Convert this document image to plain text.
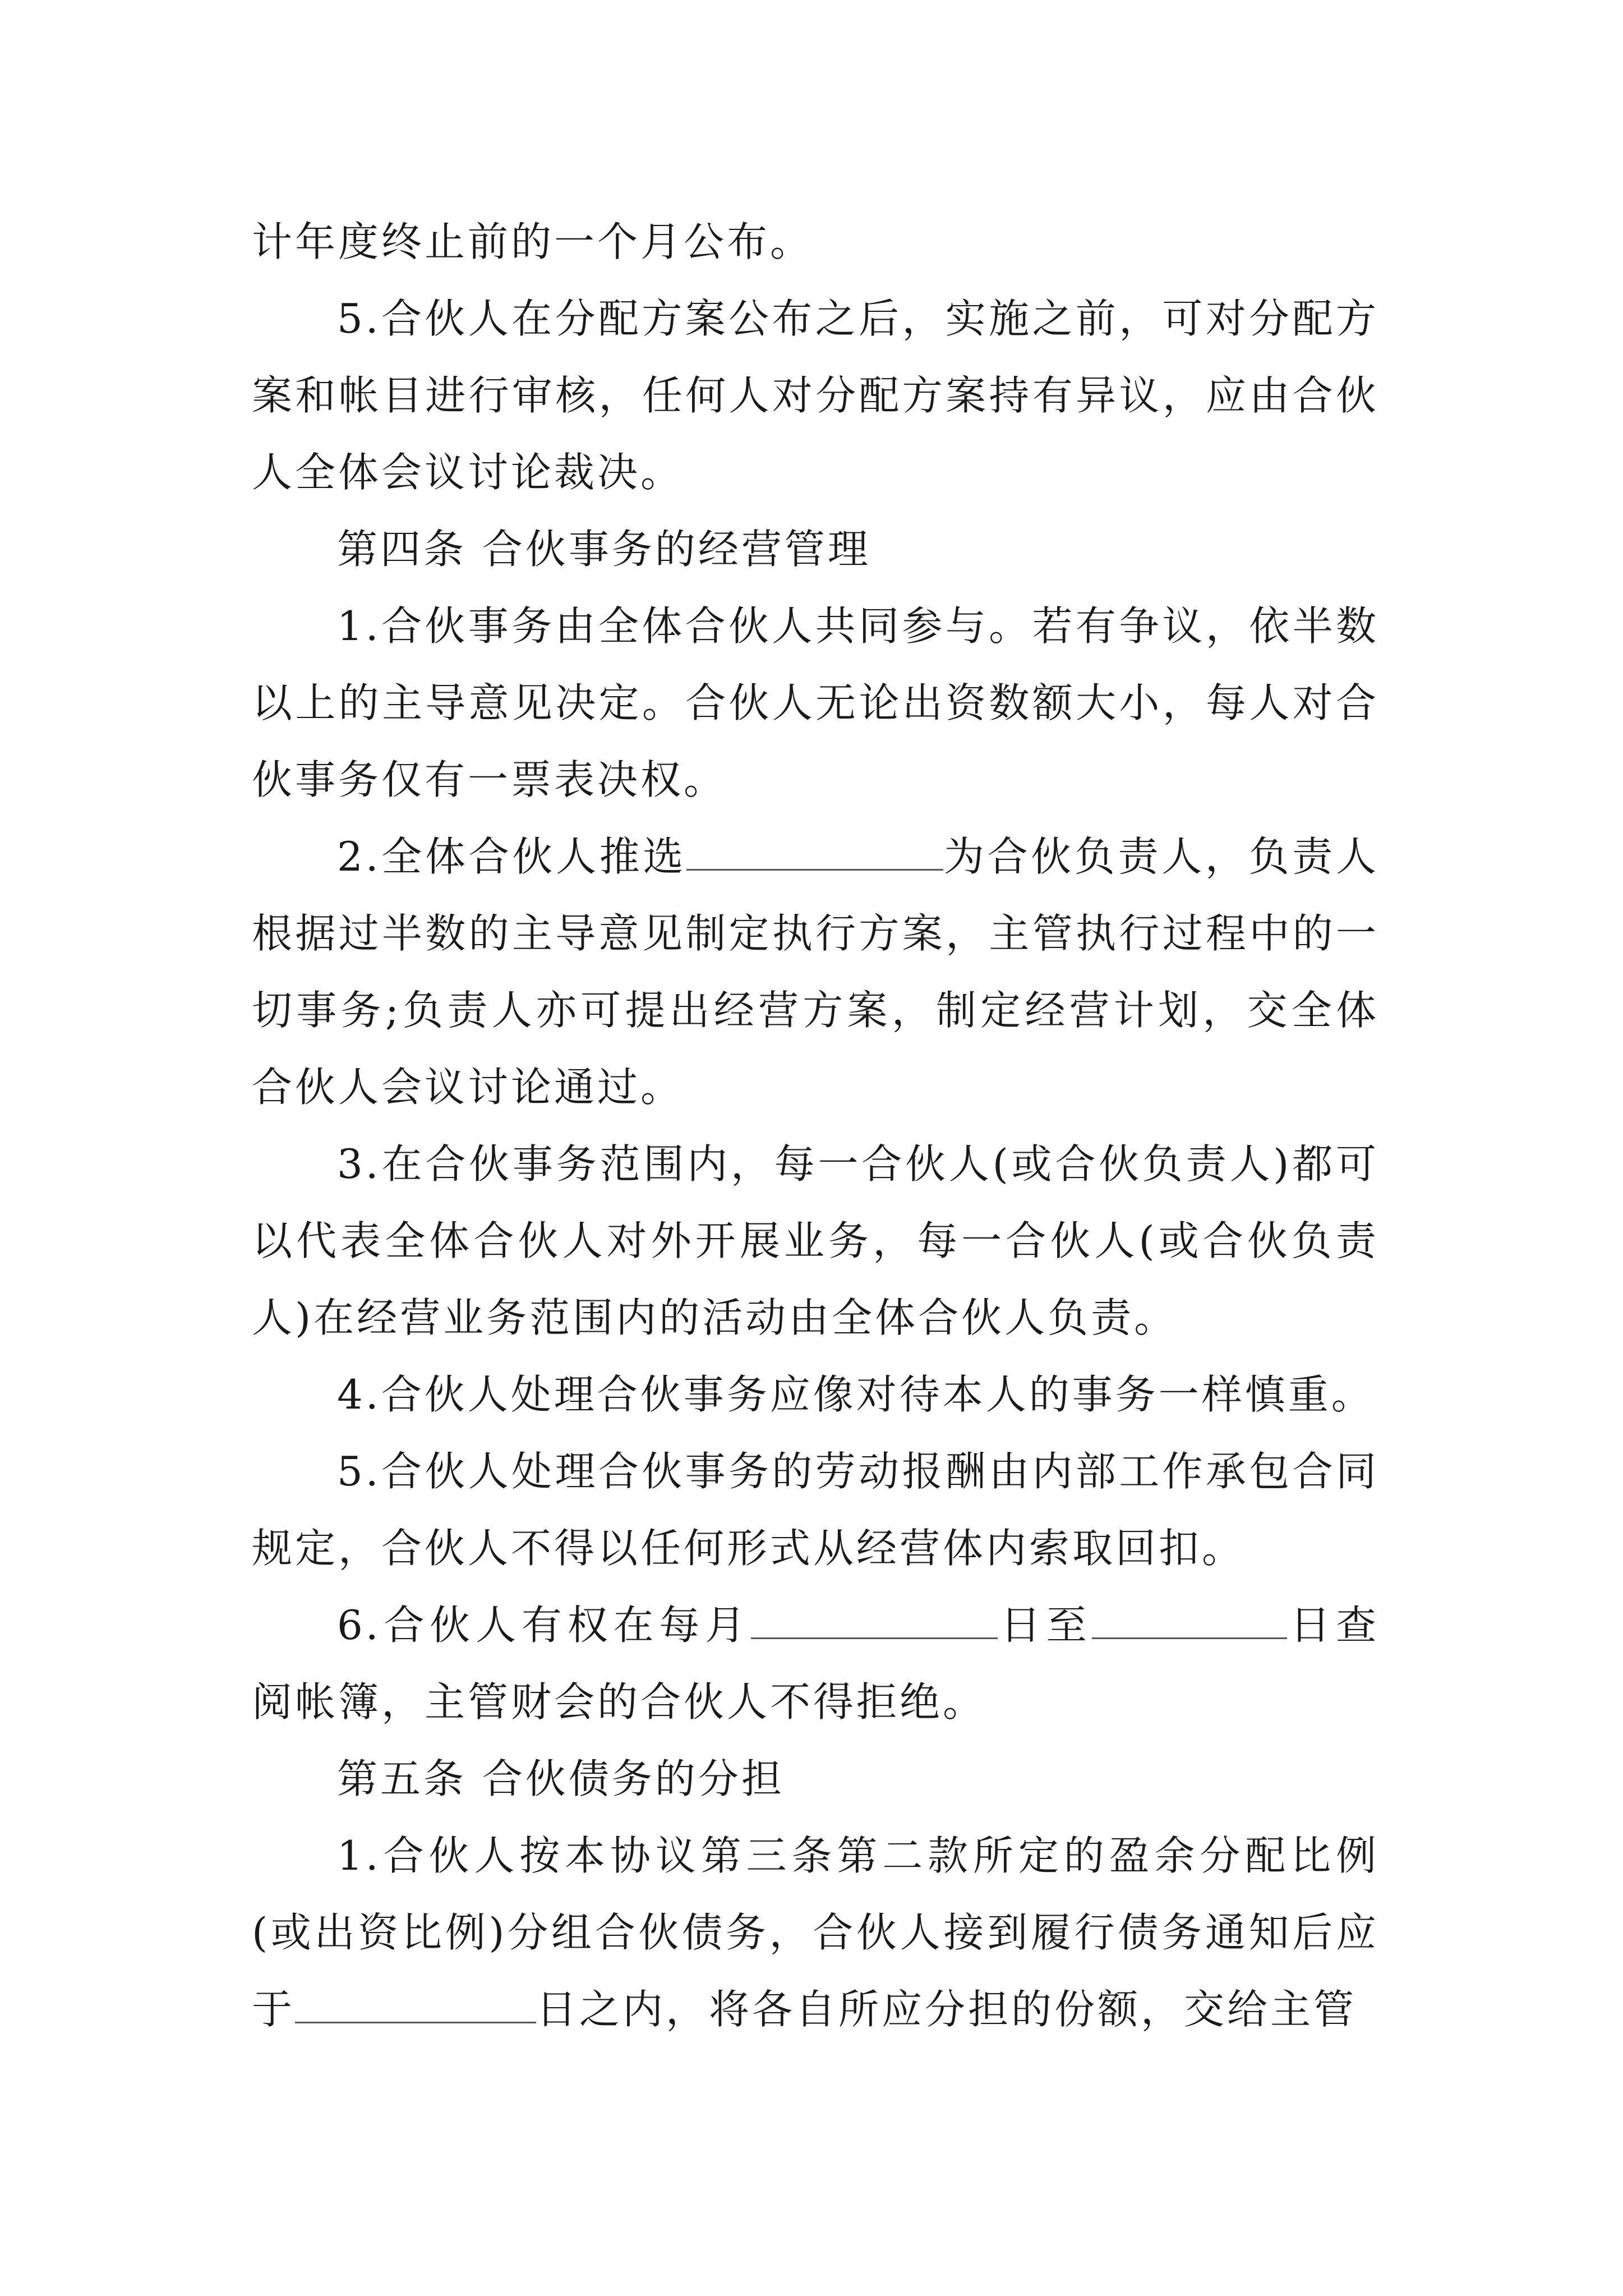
计年度终止前的一个月公布。

5.合伙人在分配方案公布之后，实施之前，可对分配方案和帐目进行审核，任何人对分配方案持有异议，应由合伙人全体会议讨论裁决。

第四条 合伙事务的经营管理

1.合伙事务由全体合伙人共同参与。若有争议，依半数以上的主导意见决定。合伙人无论出资数额大小，每人对合伙事务仅有一票表决权。

2.全体合伙人推选	为合伙负责人，负责人根据过半数的主导意见制定执行方案，主管执行过程中的一切事务;负责人亦可提出经营方案，制定经营计划，交全体合伙人会议讨论通过。

3.在合伙事务范围内，每一合伙人(或合伙负责人)都可以代表全体合伙人对外开展业务，每一合伙人(或合伙负责人)在经营业务范围内的活动由全体合伙人负责。

4.合伙人处理合伙事务应像对待本人的事务一样慎重。

5.合伙人处理合伙事务的劳动报酬由内部工作承包合同规定，合伙人不得以任何形式从经营体内索取回扣。

6.合伙人有权在每月	日至	日查阅帐簿，主管财会的合伙人不得拒绝。

第五条 合伙债务的分担

1.合伙人按本协议第三条第二款所定的盈余分配比例(或出资比例)分组合伙债务，合伙人接到履行债务通知后应于	日之内，将各自所应分担的份额，交给主管
